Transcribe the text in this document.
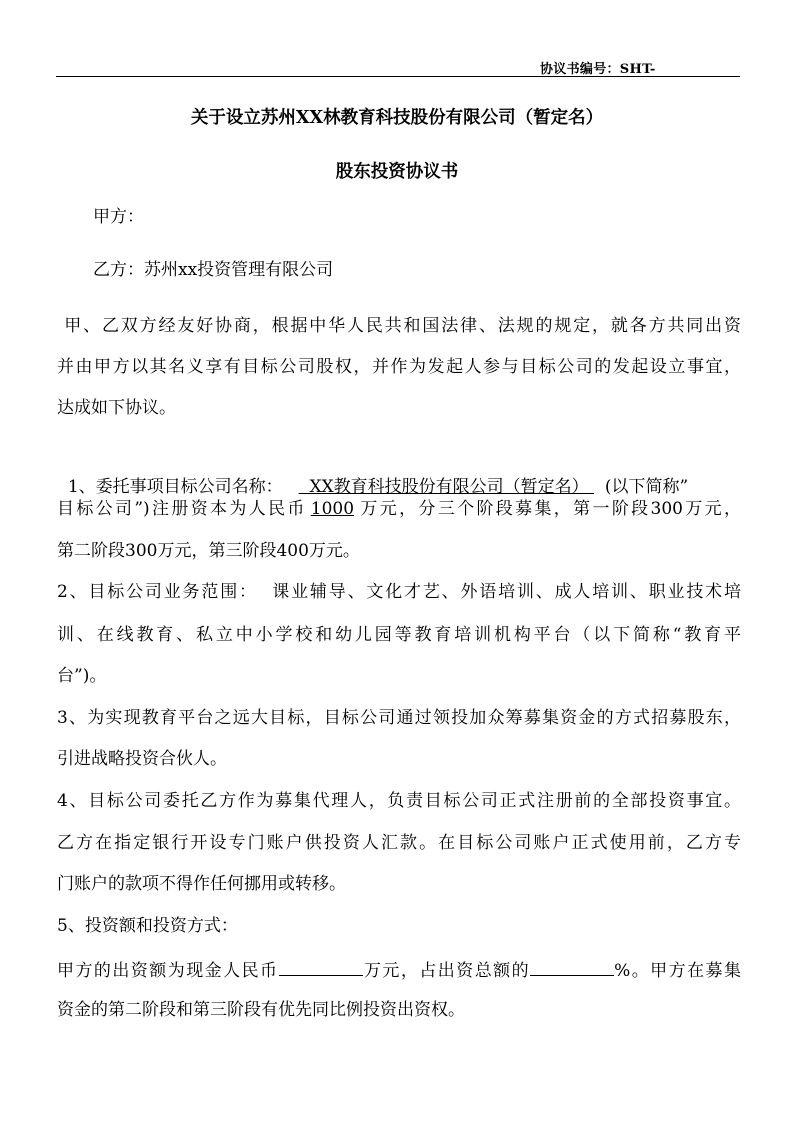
协议书编号：SHT-
关于设立苏州XX林教育科技股份有限公司（暂定名）
股东投资协议书
甲方：
乙方：苏州xx投资管理有限公司
甲、乙双方经友好协商，根据中华人民共和国法律、法规的规定，就各方共同出资
并由甲方以其名义享有目标公司股权，并作为发起人参与目标公司的发起设立事宜，
达成如下协议。

1、委托事项目标公司名称：  XX教育科技股份有限公司（暂定名）   (以下简称”

目标公司”)注册资本为人民币 1000 万元，分三个阶段募集，第一阶段300万元，
第二阶段300万元，第三阶段400万元。
2、目标公司业务范围：  课业辅导、文化才艺、外语培训、成人培训、职业技术培
训、在线教育、私立中小学校和幼儿园等教育培训机构平台（以下简称“教育平
台”)。
3、为实现教育平台之远大目标，目标公司通过领投加众筹募集资金的方式招募股东，
引进战略投资合伙人。
4、目标公司委托乙方作为募集代理人，负责目标公司正式注册前的全部投资事宜。
乙方在指定银行开设专门账户供投资人汇款。在目标公司账户正式使用前，乙方专
门账户的款项不得作任何挪用或转移。
5、投资额和投资方式：
甲方的出资额为现金人民币	万元，占出资总额的	%。甲方在募集
资金的第二阶段和第三阶段有优先同比例投资出资权。
